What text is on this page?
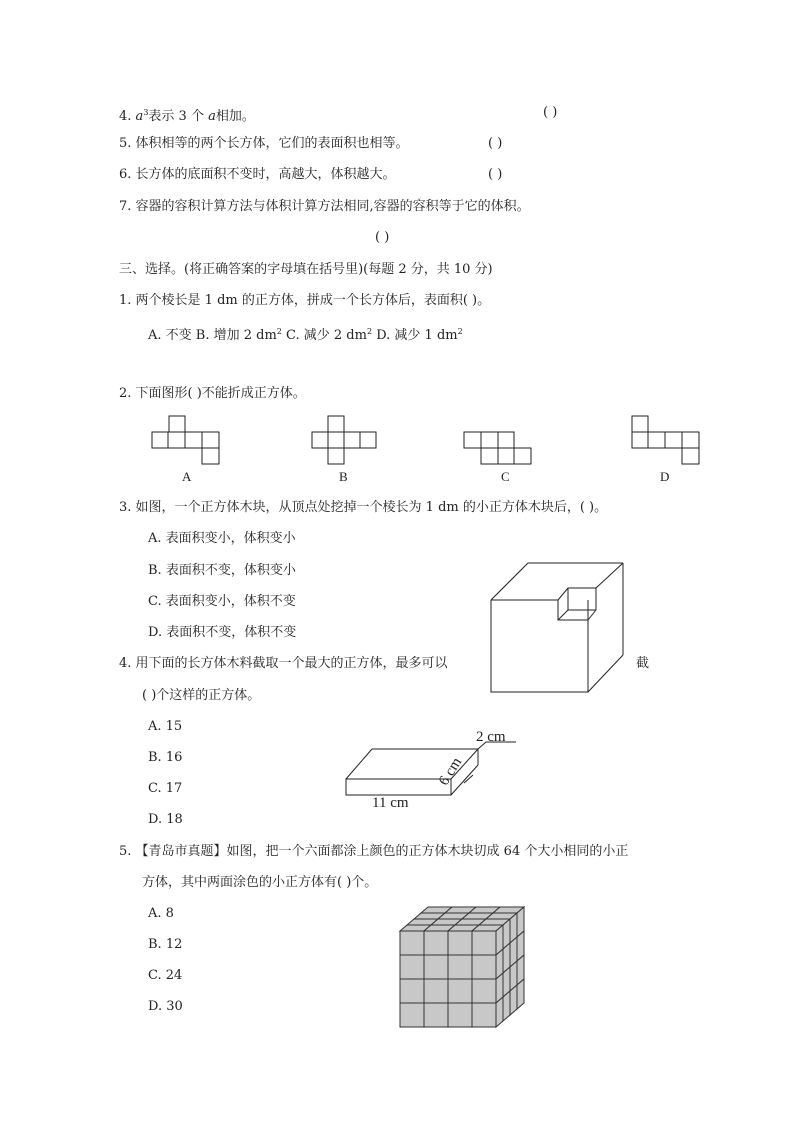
4. $a^3$表示 3 个 a相加。	( )
5. 体积相等的两个长方体，它们的表面积也相等。	( )
6. 长方体的底面积不变时，高越大，体积越大。	( )
7. 容器的容积计算方法与体积计算方法相同,容器的容积等于它的体积。
( )
三、选择。(将正确答案的字母填在括号里)(每题 2 分，共 10 分)
1. 两个棱长是 1 dm 的正方体，拼成一个长方体后，表面积( )。
A. 不变 B. 增加 2 $dm^2$ C. 减少 2 $dm^2$ D. 减少 1 $dm^2$
2. 下面图形( )不能折成正方体。
A	B	C	D
3. 如图，一个正方体木块，从顶点处挖掉一个棱长为 1 dm 的小正方体木块后，( )。
A. 表面积变小，体积变小
B. 表面积不变，体积变小
C. 表面积变小，体积不变
D. 表面积不变，体积不变
4. 用下面的长方体木料截取一个最大的正方体，最多可以	截
( )个这样的正方体。
A. 15
B. 16
C. 17
D. 18
2 cm
6 cm
11 cm
5. 【青岛市真题】如图，把一个六面都涂上颜色的正方体木块切成 64 个大小相同的小正
方体，其中两面涂色的小正方体有( )个。
A. 8
B. 12
C. 24
D. 30
